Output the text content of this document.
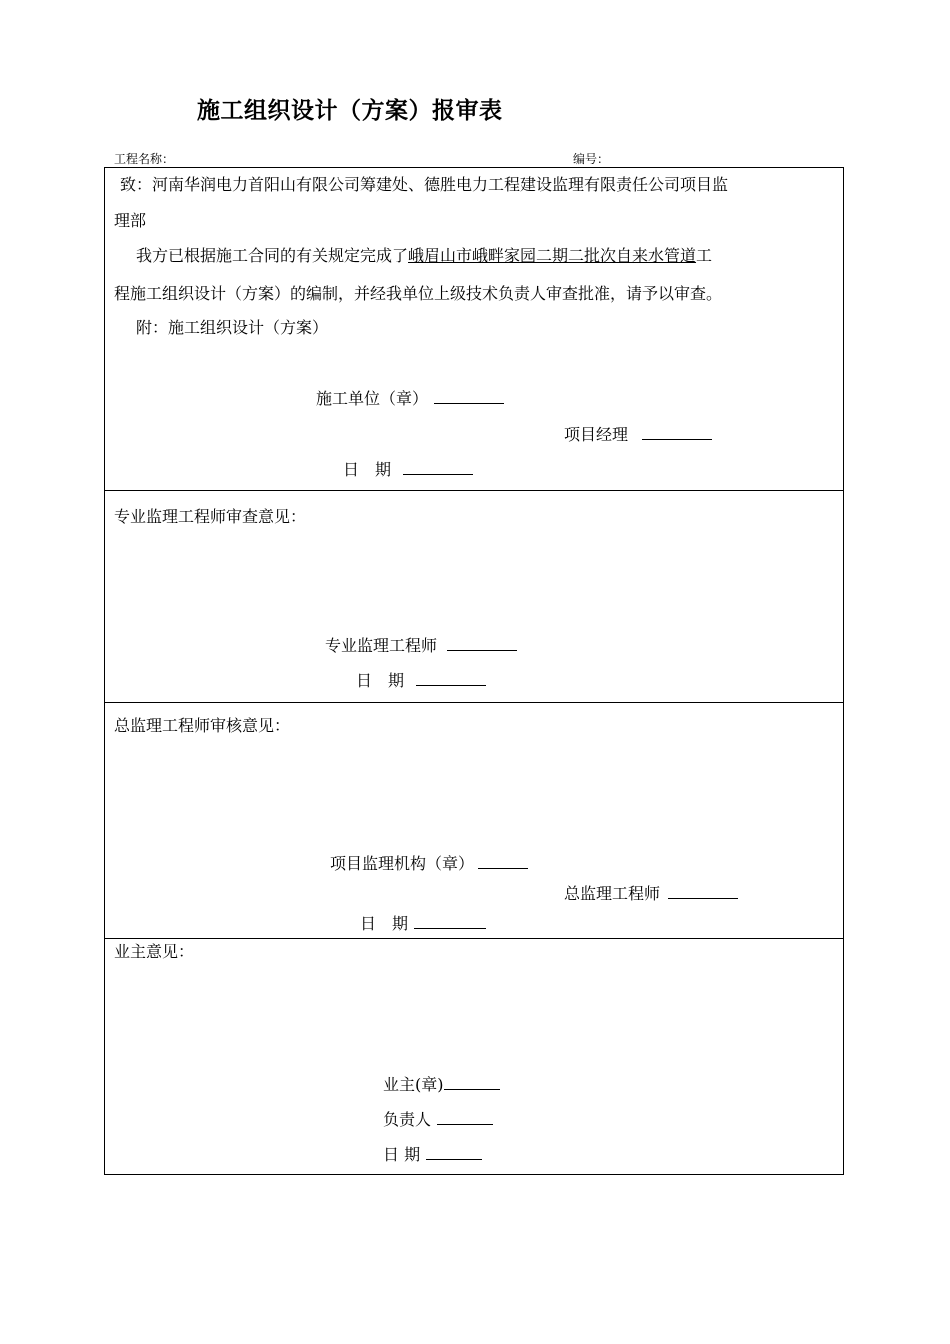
施工组织设计（方案）报审表
工程名称：	编号：
致：河南华润电力首阳山有限公司筹建处、德胜电力工程建设监理有限责任公司项目监
理部
我方已根据施工合同的有关规定完成了峨眉山市峨畔家园二期二批次自来水管道工
程施工组织设计（方案）的编制，并经我单位上级技术负责人审查批准，请予以审查。
附：施工组织设计（方案）
施工单位（章）
项目经理
日　期
专业监理工程师审查意见：
专业监理工程师
日　期
总监理工程师审核意见：
项目监理机构（章）
总监理工程师
日　期
业主意见：
业主(章)
负责人
日 期
